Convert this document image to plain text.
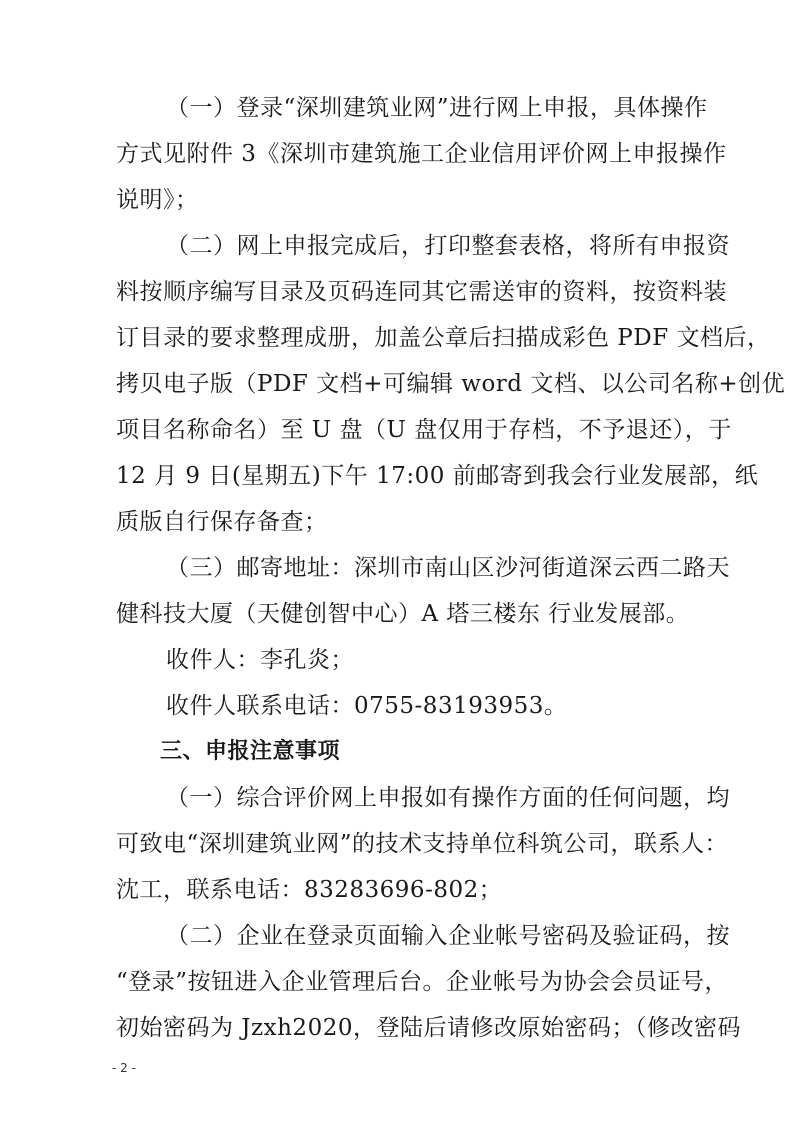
（一）登录“深圳建筑业网”进行网上申报，具体操作
方式见附件 3《深圳市建筑施工企业信用评价网上申报操作
说明》；
（二）网上申报完成后，打印整套表格，将所有申报资
料按顺序编写目录及页码连同其它需送审的资料，按资料装
订目录的要求整理成册，加盖公章后扫描成彩色 PDF 文档后，
拷贝电子版（PDF 文档+可编辑 word 文档、以公司名称+创优
项目名称命名）至 U 盘（U 盘仅用于存档，不予退还），于
12 月 9 日(星期五)下午 17:00 前邮寄到我会行业发展部，纸
质版自行保存备查；
（三）邮寄地址：深圳市南山区沙河街道深云西二路天
健科技大厦（天健创智中心）A 塔三楼东 行业发展部。
收件人：李孔炎；
收件人联系电话：0755-83193953。
三、申报注意事项
（一）综合评价网上申报如有操作方面的任何问题，均
可致电“深圳建筑业网”的技术支持单位科筑公司，联系人：
沈工，联系电话：83283696-802；
（二）企业在登录页面输入企业帐号密码及验证码，按
“登录”按钮进入企业管理后台。企业帐号为协会会员证号，
初始密码为 Jzxh2020，登陆后请修改原始密码；（修改密码
- 2 -
